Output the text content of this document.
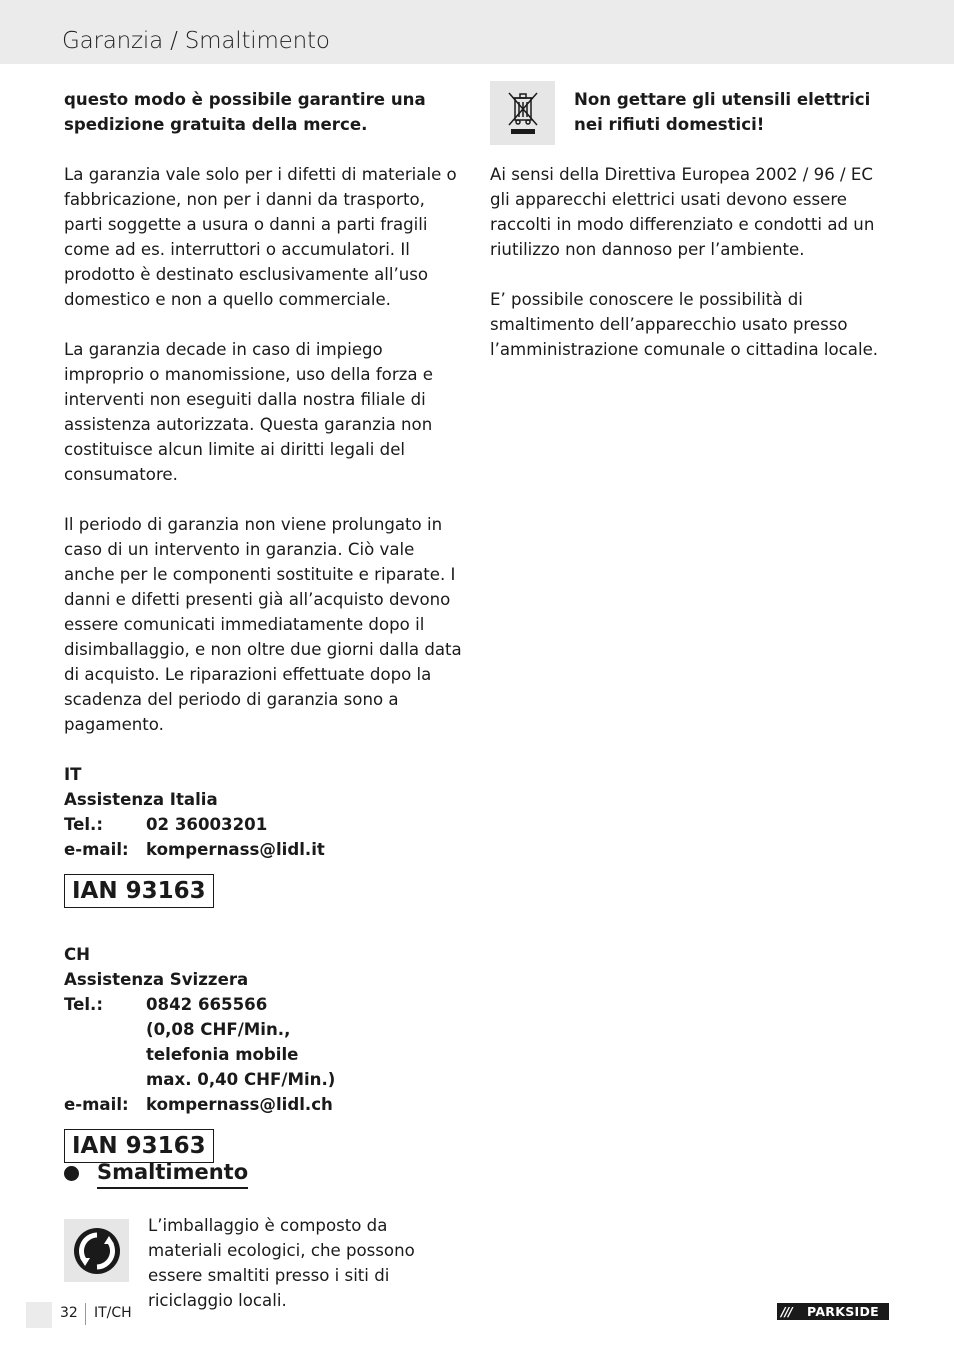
Garanzia / Smaltimento

questo modo è possibile garantire una spedizione gratuita della merce.

La garanzia vale solo per i difetti di materiale o fabbricazione, non per i danni da trasporto, parti soggette a usura o danni a parti fragili come ad es. interruttori o accumulatori. Il prodotto è destinato esclusivamente all’uso domestico e non a quello commerciale.

La garanzia decade in caso di impiego improprio o manomissione, uso della forza e interventi non eseguiti dalla nostra filiale di assistenza autorizzata. Questa garanzia non costituisce alcun limite ai diritti legali del consumatore.

Il periodo di garanzia non viene prolungato in caso di un intervento in garanzia. Ciò vale anche per le componenti sostituite e riparate. I danni e difetti presenti già all’acquisto devono essere comunicati immediatamente dopo il disimballaggio, e non oltre due giorni dalla data di acquisto. Le riparazioni effettuate dopo la scadenza del periodo di garanzia sono a pagamento.

IT
Assistenza Italia
Tel.:	02 36003201
e-mail:	kompernass@lidl.it
IAN 93163
CH
Assistenza Svizzera
Tel.:	0842 665566
(0,08 CHF/Min.,
telefonia mobile
max. 0,40 CHF/Min.)
e-mail:	kompernass@lidl.ch
IAN 93163
Smaltimento
L’imballaggio è composto da materiali ecologici, che possono essere smaltiti presso i siti di riciclaggio locali.
Non gettare gli utensili elettrici nei rifiuti domestici!

Ai sensi della Direttiva Europea 2002 / 96 / EC gli apparecchi elettrici usati devono essere raccolti in modo differenziato e condotti ad un riutilizzo non dannoso per l’ambiente.

E’ possibile conoscere le possibilità di smaltimento dell’apparecchio usato presso l’amministrazione comunale o cittadina locale.

32 IT/CH	///	PARKSIDE
